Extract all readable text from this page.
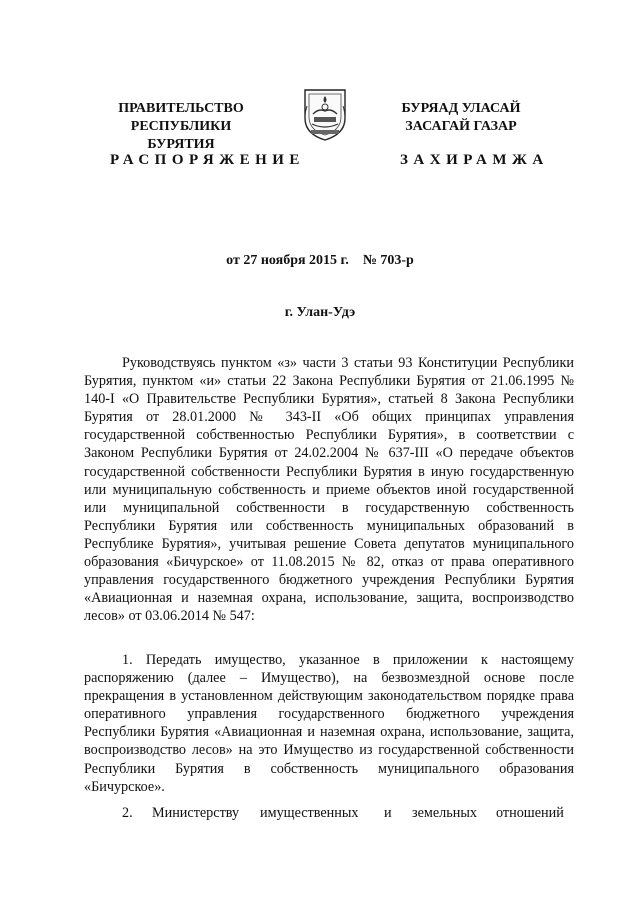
ПРАВИТЕЛЬСТВО
РЕСПУБЛИКИ БУРЯТИЯ
РАСПОРЯЖЕНИЕ
БУРЯАД УЛАСАЙ
ЗАСАГАЙ ГАЗАР
ЗАХИРАМЖА
от 27 ноября 2015 г.    № 703-р
г. Улан-Удэ

Руководствуясь пунктом «з» части 3 статьи 93 Конституции Республики Бурятия, пунктом «и» статьи 22 Закона Республики Бурятия от 21.06.1995 № 140-I «О Правительстве Республики Бурятия», статьей 8 Закона Республики Бурятия от 28.01.2000 № 343-II «Об общих принципах управления государственной собственностью Республики Бурятия», в соответствии с Законом Республики Бурятия от 24.02.2004 № 637-III «О передаче объектов государственной собственности Республики Бурятия в иную государственную или муниципальную собственность и приеме объектов иной государственной или муниципальной собственности в государственную собственность Республики Бурятия или собственность муниципальных образований в Республике Бурятия», учитывая решение Совета депутатов муниципального образования «Бичурское» от 11.08.2015 № 82, отказ от права оперативного управления государственного бюджетного учреждения Республики Бурятия «Авиационная и наземная охрана, использование, защита, воспроизводство лесов» от 03.06.2014 № 547:

1. Передать имущество, указанное в приложении к настоящему распоряжению (далее – Имущество), на безвозмездной основе после прекращения в установленном действующим законодательством порядке права оперативного управления государственного бюджетного учреждения Республики Бурятия «Авиационная и наземная охрана, использование, защита, воспроизводство лесов» на это Имущество из государственной собственности Республики Бурятия в собственность муниципального образования «Бичурское».

2. Министерству имущественных и земельных отношений
